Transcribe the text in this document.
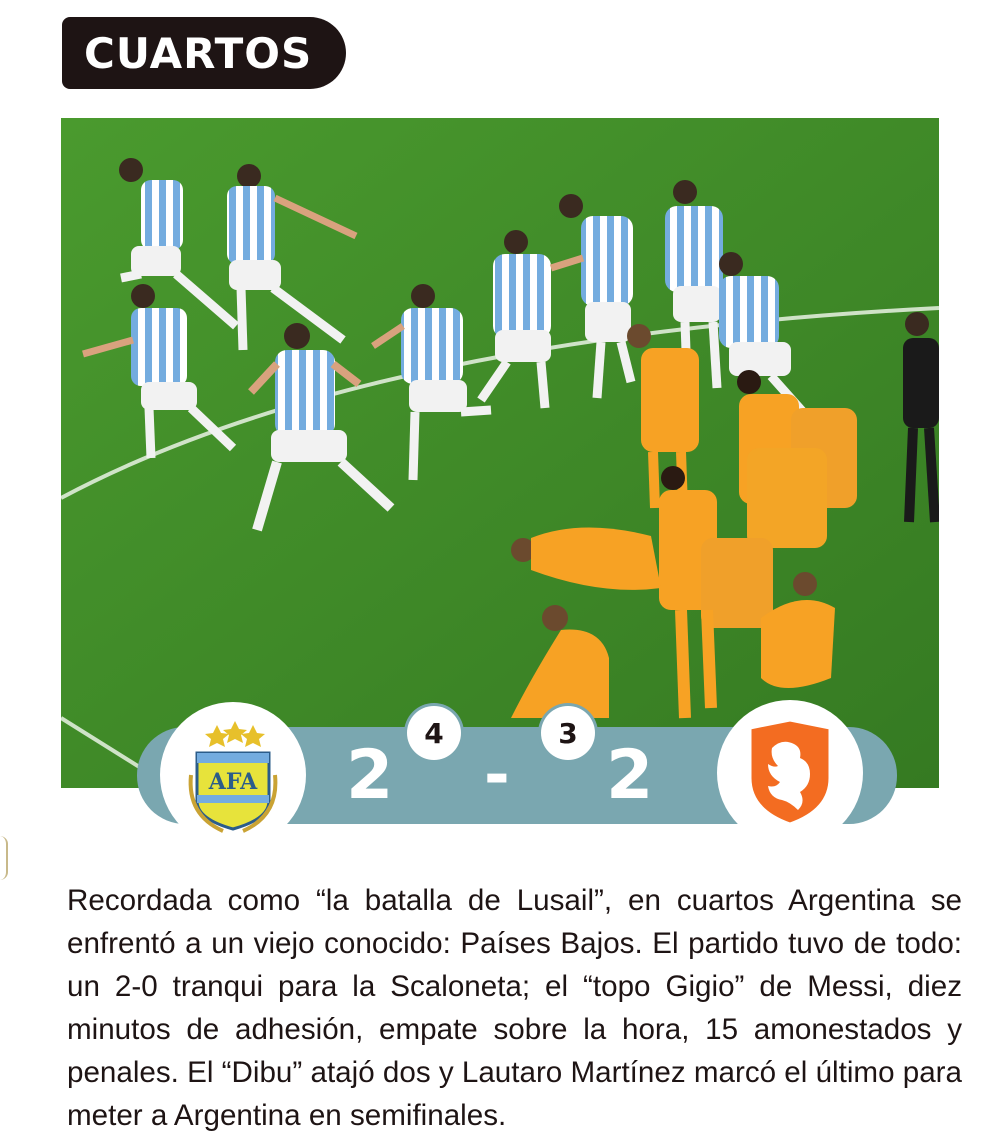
CUARTOS
AFA 2 - 2
4	3
Recordada como “la batalla de Lusail”, en cuartos Argentina se enfrentó a un viejo conocido: Países Bajos. El partido tuvo de todo: un 2-0 tranqui para la Scaloneta; el “topo Gigio” de Messi, diez minutos de adhesión, empate sobre la hora, 15 amonestados y penales. El “Dibu” atajó dos y Lautaro Martínez marcó el último para meter a Argentina en semifinales.
